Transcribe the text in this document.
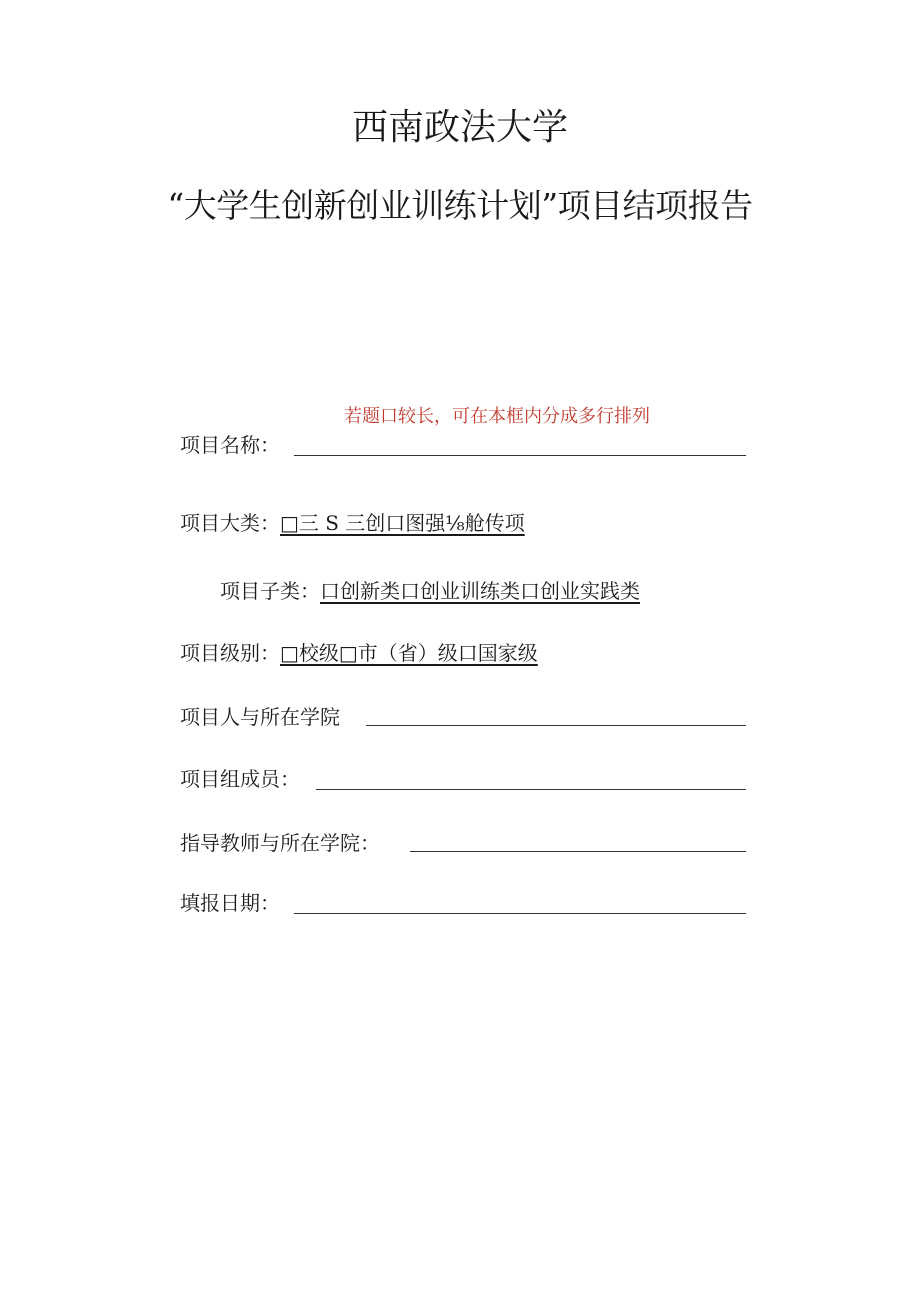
西南政法大学
“大学生创新创业训练计划”项目结项报告
若题口较长，可在本框内分成多行排列
项目名称：
项目大类：□三 S 三创口图强⅛舱传项
项目子类：口创新类口创业训练类口创业实践类
项目级别：□校级□市（省）级口国家级
项目人与所在学院
项目组成员：
指导教师与所在学院：
填报日期：
